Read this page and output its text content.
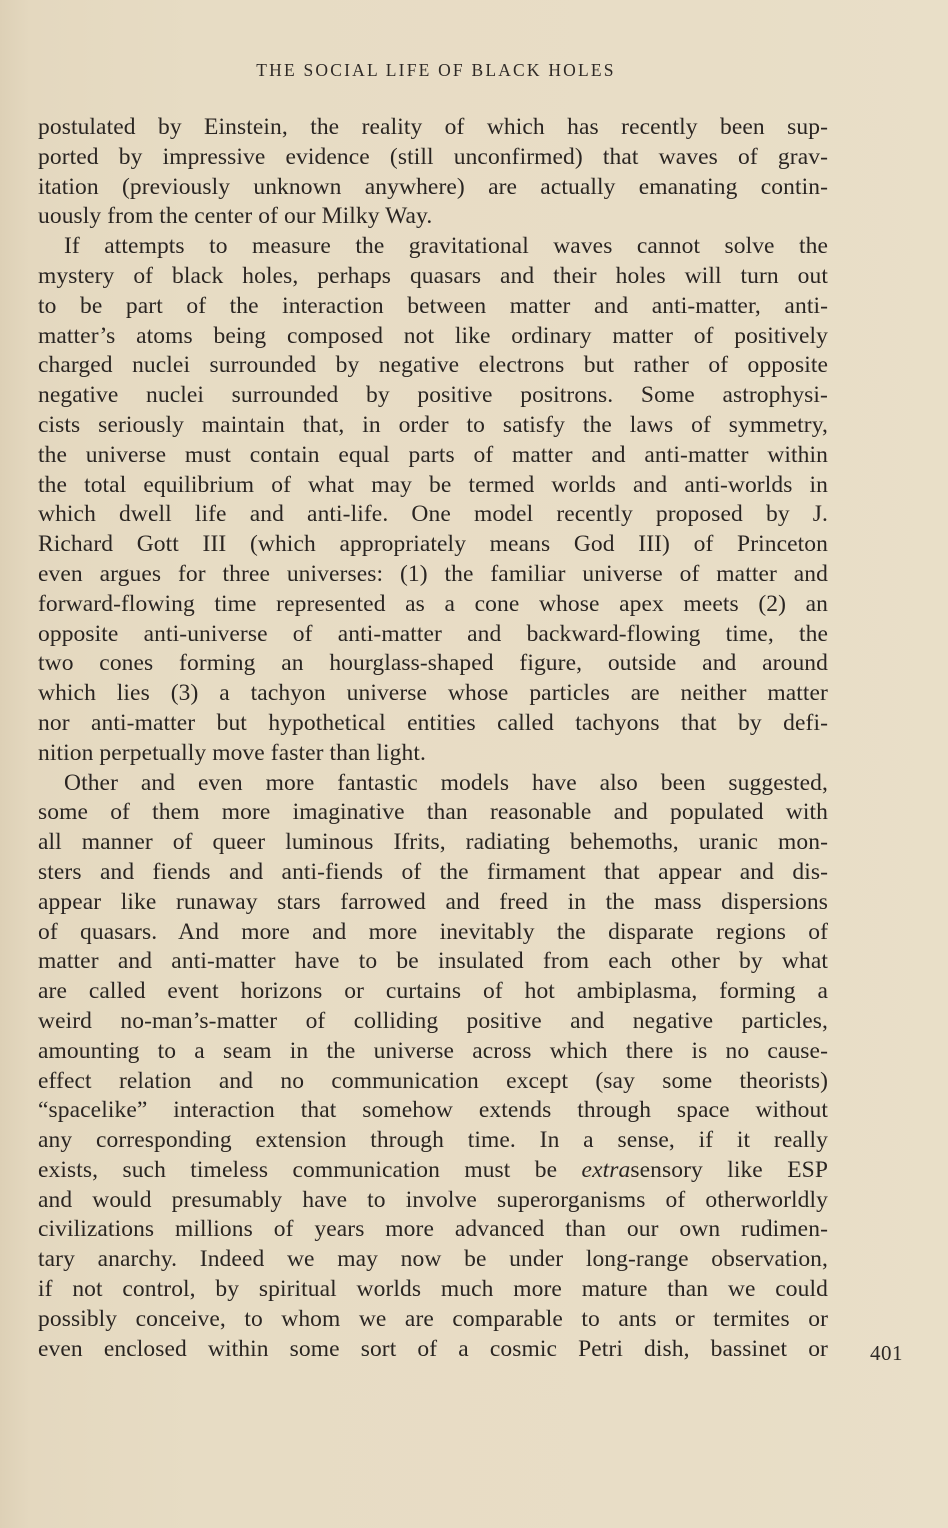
THE SOCIAL LIFE OF BLACK HOLES
postulated by Einstein, the reality of which has recently been sup-
ported by impressive evidence (still unconfirmed) that waves of grav-
itation (previously unknown anywhere) are actually emanating contin-
uously from the center of our Milky Way.
If attempts to measure the gravitational waves cannot solve the
mystery of black holes, perhaps quasars and their holes will turn out
to be part of the interaction between matter and anti-matter, anti-
matter’s atoms being composed not like ordinary matter of positively
charged nuclei surrounded by negative electrons but rather of opposite
negative nuclei surrounded by positive positrons. Some astrophysi-
cists seriously maintain that, in order to satisfy the laws of symmetry,
the universe must contain equal parts of matter and anti-matter within
the total equilibrium of what may be termed worlds and anti-worlds in
which dwell life and anti-life. One model recently proposed by J.
Richard Gott III (which appropriately means God III) of Princeton
even argues for three universes: (1) the familiar universe of matter and
forward-flowing time represented as a cone whose apex meets (2) an
opposite anti-universe of anti-matter and backward-flowing time, the
two cones forming an hourglass-shaped figure, outside and around
which lies (3) a tachyon universe whose particles are neither matter
nor anti-matter but hypothetical entities called tachyons that by defi-
nition perpetually move faster than light.
Other and even more fantastic models have also been suggested,
some of them more imaginative than reasonable and populated with
all manner of queer luminous Ifrits, radiating behemoths, uranic mon-
sters and fiends and anti-fiends of the firmament that appear and dis-
appear like runaway stars farrowed and freed in the mass dispersions
of quasars. And more and more inevitably the disparate regions of
matter and anti-matter have to be insulated from each other by what
are called event horizons or curtains of hot ambiplasma, forming a
weird no-man’s-matter of colliding positive and negative particles,
amounting to a seam in the universe across which there is no cause-
effect relation and no communication except (say some theorists)
“spacelike” interaction that somehow extends through space without
any corresponding extension through time. In a sense, if it really
exists, such timeless communication must be extrasensory like ESP
and would presumably have to involve superorganisms of otherworldly
civilizations millions of years more advanced than our own rudimen-
tary anarchy. Indeed we may now be under long-range observation,
if not control, by spiritual worlds much more mature than we could
possibly conceive, to whom we are comparable to ants or termites or
even enclosed within some sort of a cosmic Petri dish, bassinet or 401
